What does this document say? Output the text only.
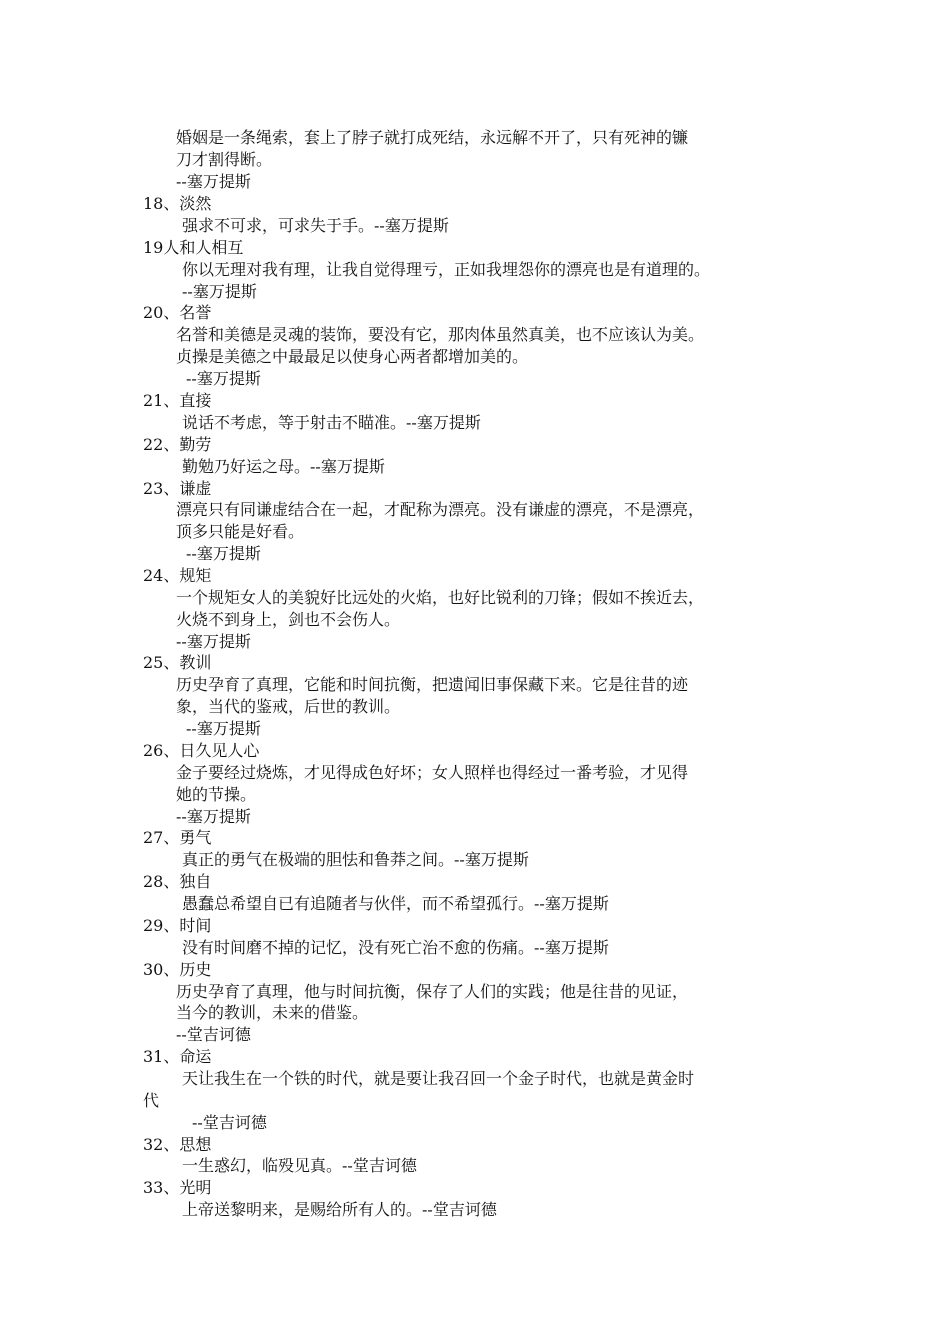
婚姻是一条绳索，套上了脖子就打成死结，永远解不开了，只有死神的镰
刀才割得断。
--塞万提斯
18、淡然
强求不可求，可求失于手。--塞万提斯
19人和人相互
你以无理对我有理，让我自觉得理亏，正如我埋怨你的漂亮也是有道理的。
--塞万提斯
20、名誉
名誉和美德是灵魂的装饰，要没有它，那肉体虽然真美，也不应该认为美。
贞操是美德之中最最足以使身心两者都增加美的。
--塞万提斯
21、直接
说话不考虑，等于射击不瞄准。--塞万提斯
22、勤劳
勤勉乃好运之母。--塞万提斯
23、谦虚
漂亮只有同谦虚结合在一起，才配称为漂亮。没有谦虚的漂亮，不是漂亮，
顶多只能是好看。
--塞万提斯
24、规矩
一个规矩女人的美貌好比远处的火焰，也好比锐利的刀锋；假如不挨近去，
火烧不到身上，剑也不会伤人。
--塞万提斯
25、教训
历史孕育了真理，它能和时间抗衡，把遗闻旧事保藏下来。它是往昔的迹
象，当代的鉴戒，后世的教训。
--塞万提斯
26、日久见人心
金子要经过烧炼，才见得成色好坏；女人照样也得经过一番考验，才见得
她的节操。
--塞万提斯
27、勇气
真正的勇气在极端的胆怯和鲁莽之间。--塞万提斯
28、独自
愚蠢总希望自已有追随者与伙伴，而不希望孤行。--塞万提斯
29、时间
没有时间磨不掉的记忆，没有死亡治不愈的伤痛。--塞万提斯
30、历史
历史孕育了真理，他与时间抗衡，保存了人们的实践；他是往昔的见证，
当今的教训，未来的借鉴。
--堂吉诃德
31、命运
天让我生在一个铁的时代，就是要让我召回一个金子时代，也就是黄金时
代
--堂吉诃德
32、思想
一生惑幻，临殁见真。--堂吉诃德
33、光明
上帝送黎明来，是赐给所有人的。--堂吉诃德
